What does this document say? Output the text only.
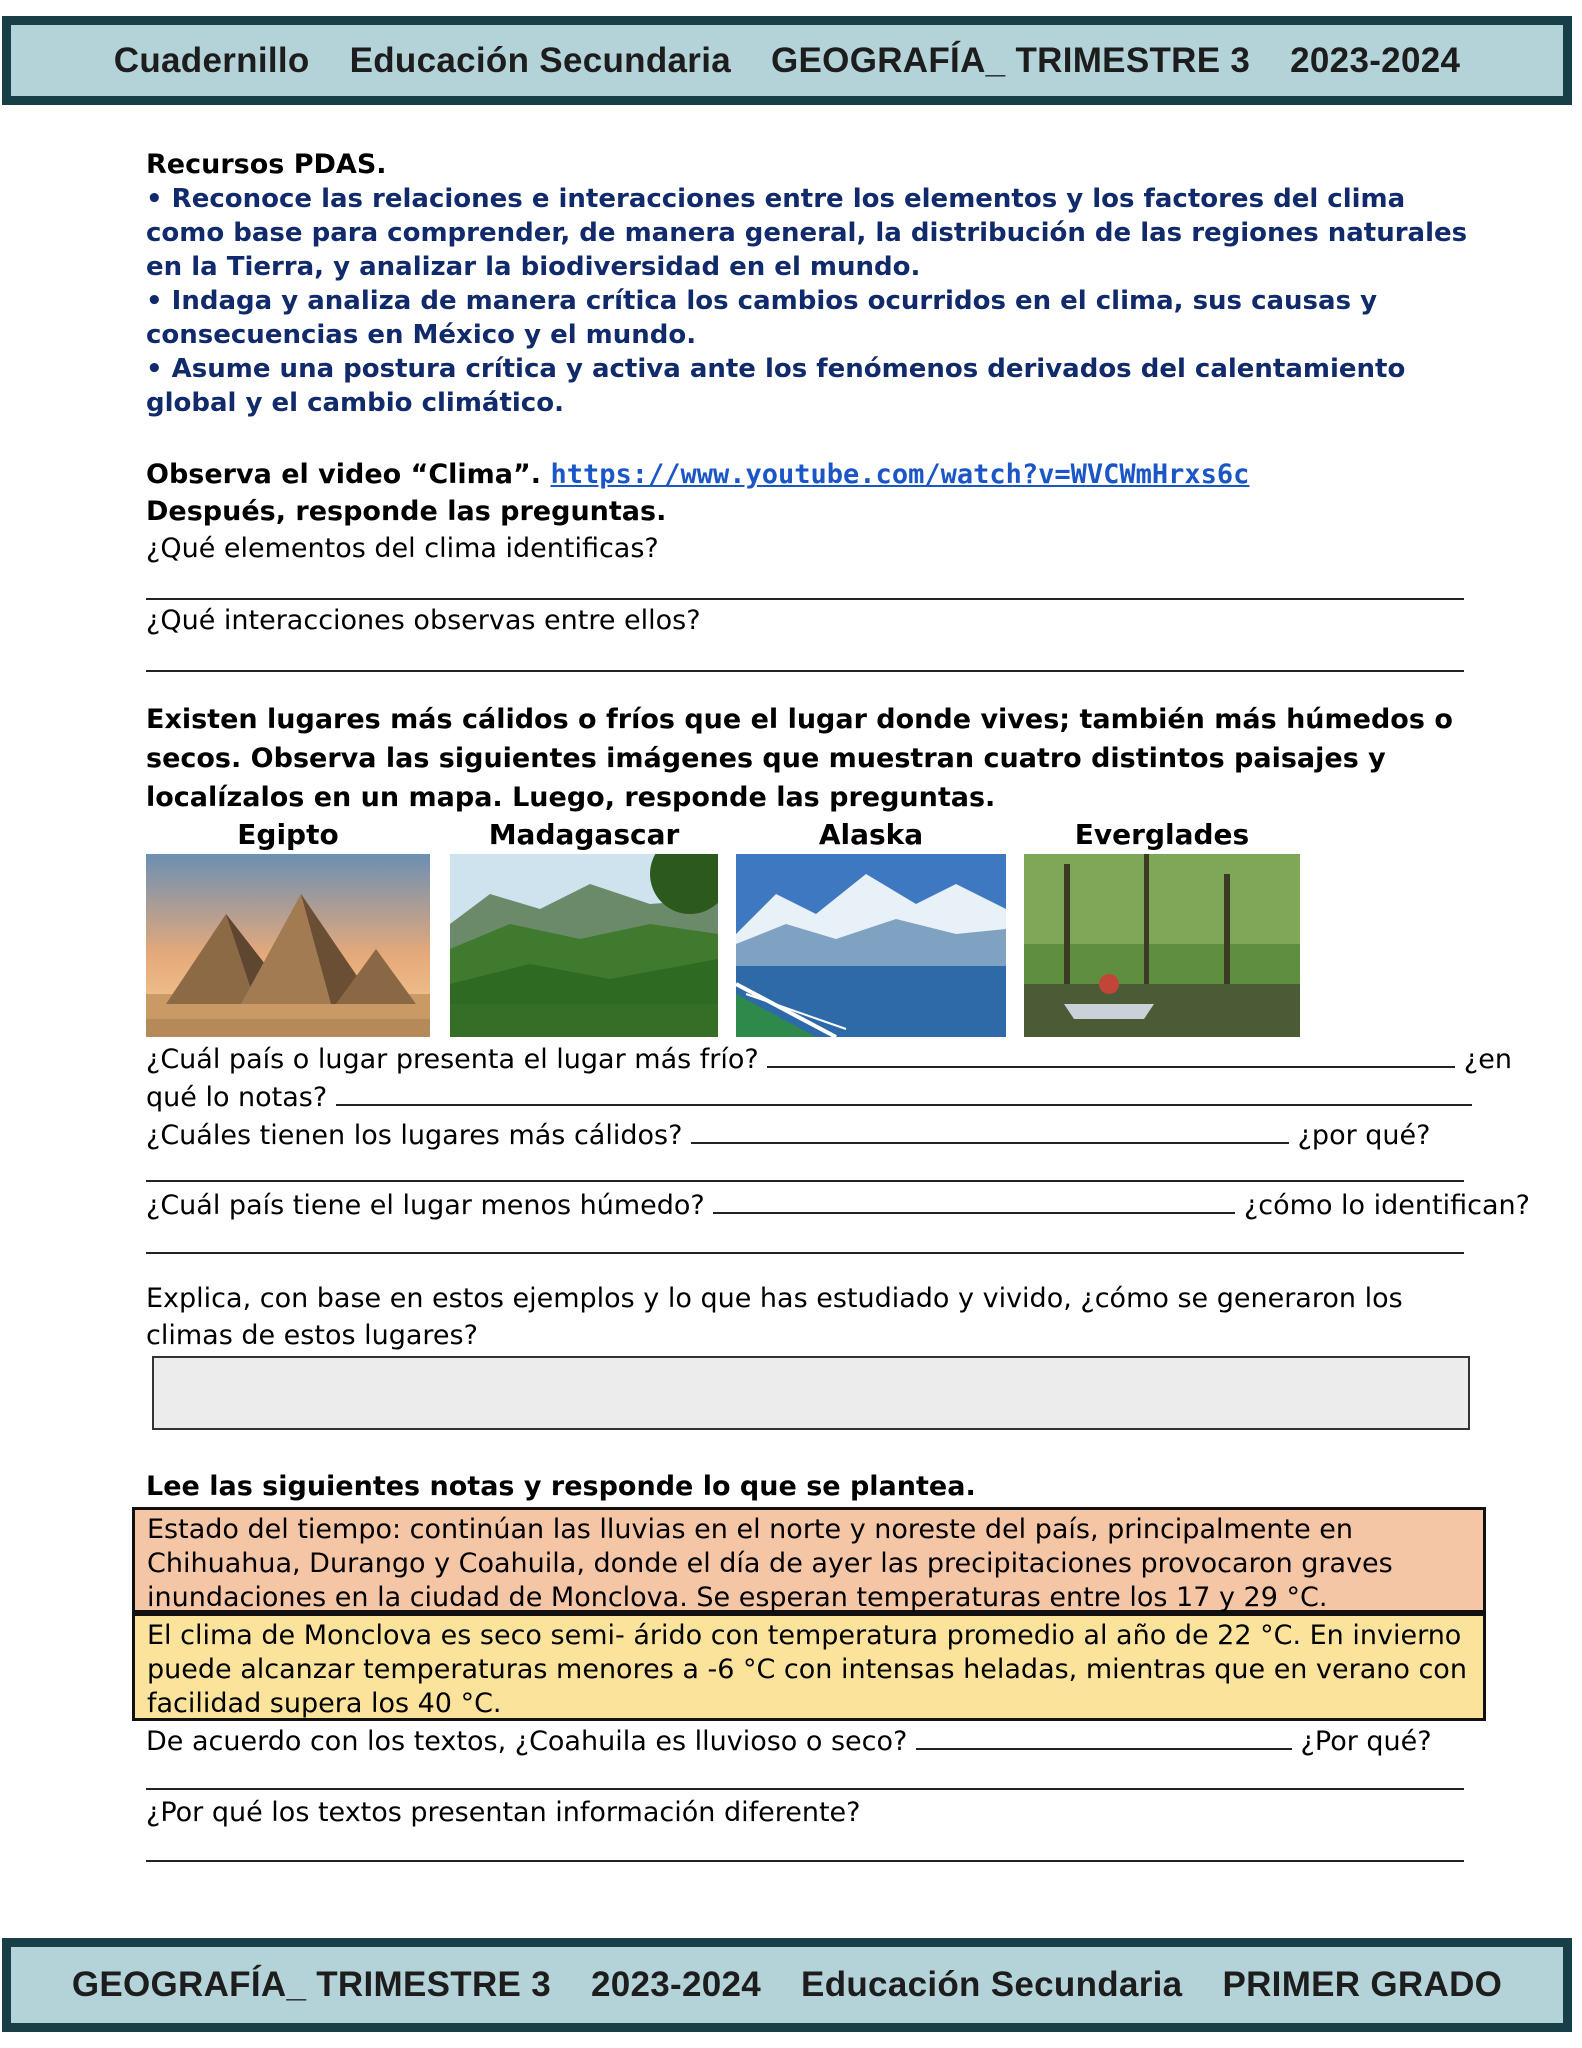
Cuadernillo Educación Secundaria GEOGRAFÍA_ TRIMESTRE 3 2023-2024
Recursos PDAS.
• Reconoce las relaciones e interacciones entre los elementos y los factores del clima como base para comprender, de manera general, la distribución de las regiones naturales en la Tierra, y analizar la biodiversidad en el mundo.
• Indaga y analiza de manera crítica los cambios ocurridos en el clima, sus causas y consecuencias en México y el mundo.
• Asume una postura crítica y activa ante los fenómenos derivados del calentamiento global y el cambio climático.
Observa el video “Clima”. https://www.youtube.com/watch?v=WVCWmHrxs6c
Después, responde las preguntas.
¿Qué elementos del clima identificas?
¿Qué interacciones observas entre ellos?
Existen lugares más cálidos o fríos que el lugar donde vives; también más húmedos o secos. Observa las siguientes imágenes que muestran cuatro distintos paisajes y localízalos en un mapa. Luego, responde las preguntas.
Egipto	Madagascar	Alaska	Everglades
¿Cuál país o lugar presenta el lugar más frío?	¿en
qué lo notas?
¿Cuáles tienen los lugares más cálidos?	¿por qué?
¿Cuál país tiene el lugar menos húmedo?	¿cómo lo identifican?
Explica, con base en estos ejemplos y lo que has estudiado y vivido, ¿cómo se generaron los climas de estos lugares?
Lee las siguientes notas y responde lo que se plantea.
Estado del tiempo: continúan las lluvias en el norte y noreste del país, principalmente en Chihuahua, Durango y Coahuila, donde el día de ayer las precipitaciones provocaron graves inundaciones en la ciudad de Monclova. Se esperan temperaturas entre los 17 y 29 °C.
El clima de Monclova es seco semi- árido con temperatura promedio al año de 22 °C. En invierno puede alcanzar temperaturas menores a -6 °C con intensas heladas, mientras que en verano con facilidad supera los 40 °C.
De acuerdo con los textos, ¿Coahuila es lluvioso o seco?	¿Por qué?
¿Por qué los textos presentan información diferente?
GEOGRAFÍA_ TRIMESTRE 3 2023-2024 Educación Secundaria PRIMER GRADO
